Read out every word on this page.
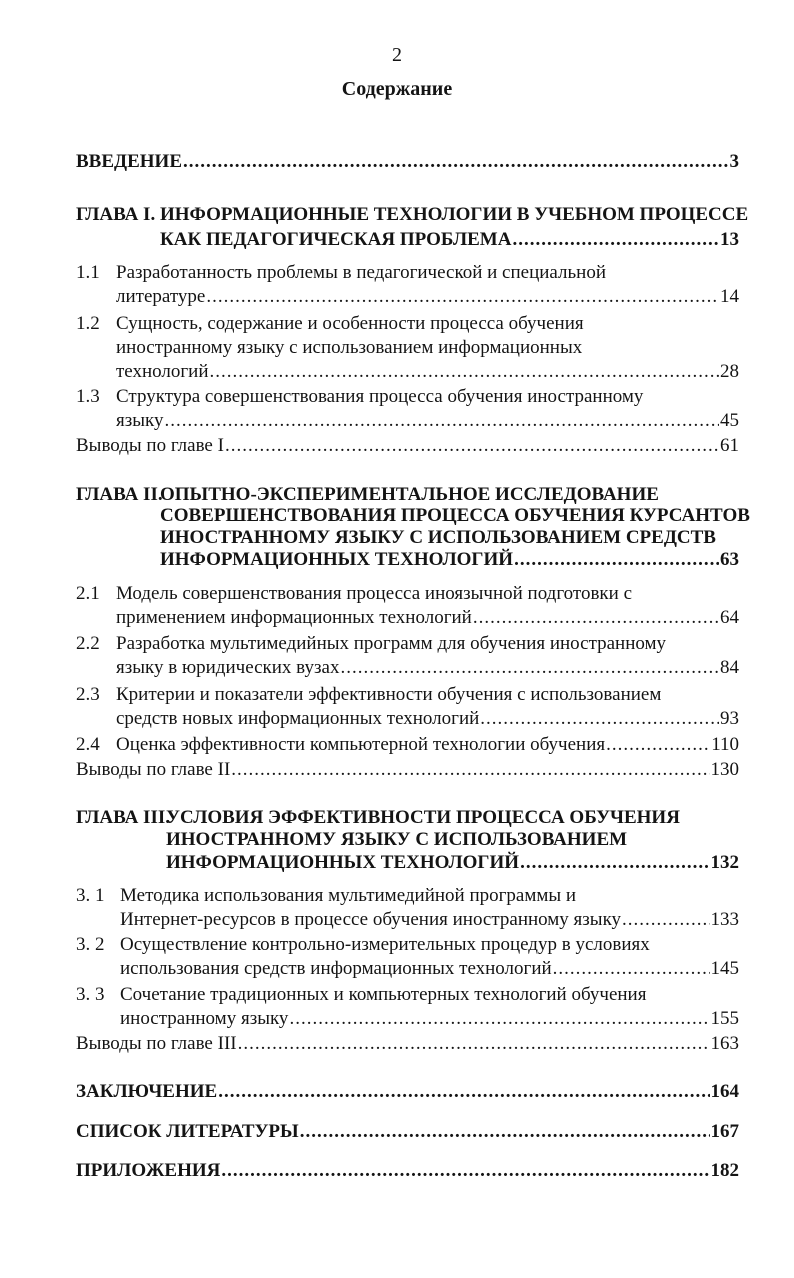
2
Содержание
ВВЕДЕНИЕ .....	3
ГЛАВА I. ИНФОРМАЦИОННЫЕ ТЕХНОЛОГИИ В УЧЕБНОМ ПРОЦЕССЕ
КАК ПЕДАГОГИЧЕСКАЯ ПРОБЛЕМА .....	13
1.1 Разработанность проблемы в педагогической и специальной
литературе .....	14
1.2 Сущность, содержание и особенности процесса обучения
иностранному языку с использованием информационных
технологий .....	28
1.3 Структура совершенствования процесса обучения иностранному
языку .....	45
Выводы по главе I .....	61
ГЛАВА II.
ОПЫТНО-ЭКСПЕРИМЕНТАЛЬНОЕ ИССЛЕДОВАНИЕ
СОВЕРШЕНСТВОВАНИЯ ПРОЦЕССА ОБУЧЕНИЯ КУРСАНТОВ
ИНОСТРАННОМУ ЯЗЫКУ С ИСПОЛЬЗОВАНИЕМ СРЕДСТВ
ИНФОРМАЦИОННЫХ ТЕХНОЛОГИЙ .....	63
2.1 Модель совершенствования процесса иноязычной подготовки с
применением информационных технологий .....	64
2.2 Разработка мультимедийных программ для обучения иностранному
языку в юридических вузах .....	84
2.3 Критерии и показатели эффективности обучения с использованием
средств новых информационных технологий .....	93
2.4 Оценка эффективности компьютерной технологии обучения .....	110
Выводы по главе II .....	130
ГЛАВА III.
УСЛОВИЯ ЭФФЕКТИВНОСТИ ПРОЦЕССА ОБУЧЕНИЯ
ИНОСТРАННОМУ ЯЗЫКУ С ИСПОЛЬЗОВАНИЕМ
ИНФОРМАЦИОННЫХ ТЕХНОЛОГИЙ .....	132
3. 1 Методика использования мультимедийной программы и
Интернет-ресурсов в процессе обучения иностранному языку .....	133
3. 2 Осуществление контрольно-измерительных процедур в условиях
использования средств информационных технологий .....	145
3. 3 Сочетание традиционных и компьютерных технологий обучения
иностранному языку .....	155
Выводы по главе III .....	163
ЗАКЛЮЧЕНИЕ .....	164
СПИСОК ЛИТЕРАТУРЫ .....	167
ПРИЛОЖЕНИЯ .....	182
